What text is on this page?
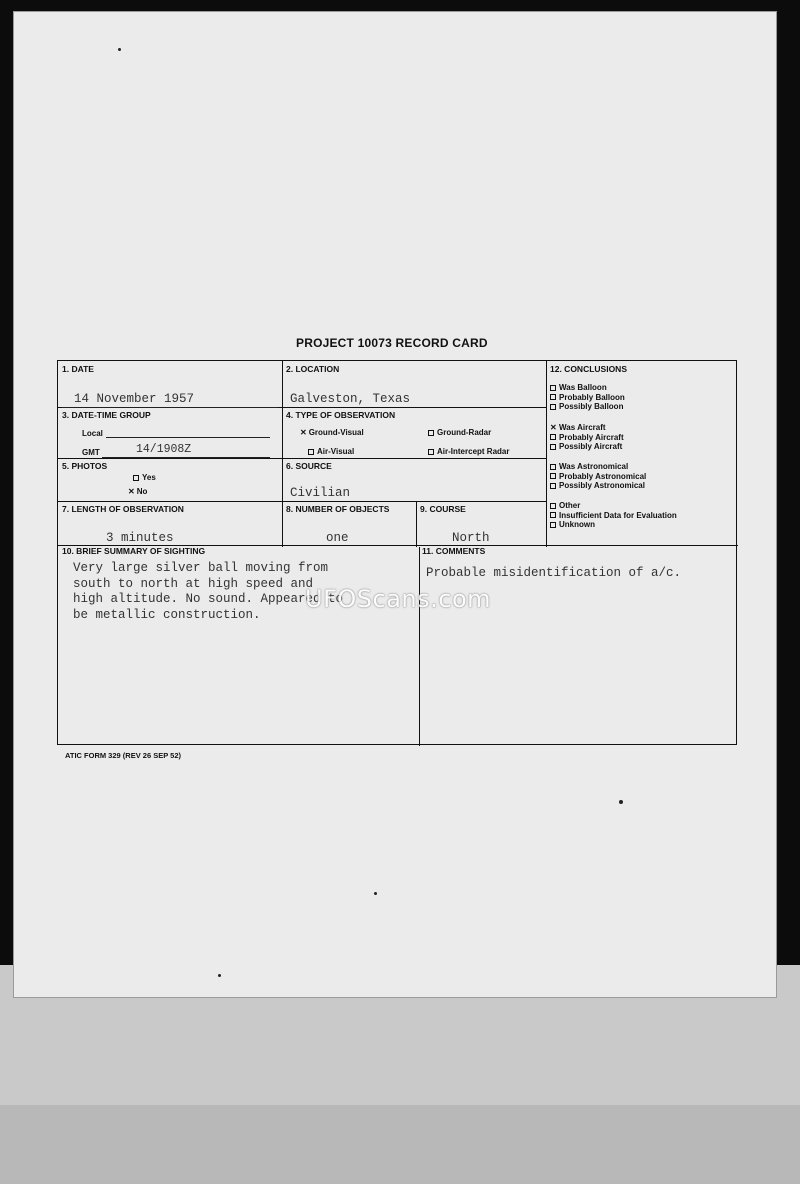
PROJECT 10073 RECORD CARD
1. DATE
14 November 1957
2. LOCATION
Galveston, Texas
3. DATE-TIME GROUP
Local
GMT	14/1908Z
4. TYPE OF OBSERVATION
✕ Ground-Visual	Ground-Radar
Air-Visual	Air-Intercept Radar
5. PHOTOS
Yes
✕ No
6. SOURCE
Civilian
7. LENGTH OF OBSERVATION
3 minutes
8. NUMBER OF OBJECTS
one
9. COURSE
North
10. BRIEF SUMMARY OF SIGHTING
Very large silver ball moving from
south to north at high speed and
high altitude. No sound. Appeared to
be metallic construction.
11. COMMENTS
Probable misidentification of a/c.
12. CONCLUSIONS
Was Balloon
Probably Balloon
Possibly Balloon
✕ Was Aircraft
Probably Aircraft
Possibly Aircraft
Was Astronomical
Probably Astronomical
Possibly Astronomical
Other
Insufficient Data for Evaluation
Unknown
ATIC FORM 329 (REV 26 SEP 52)
UFOScans.com
